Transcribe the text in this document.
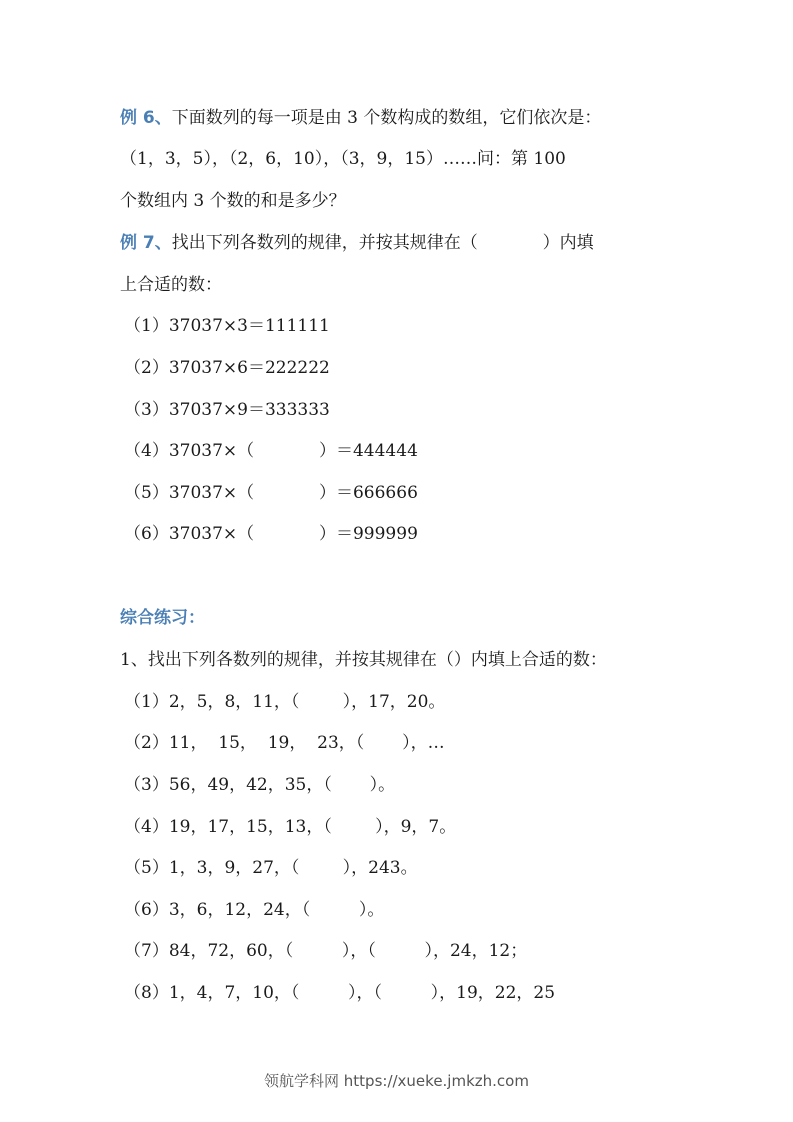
例 6、下面数列的每一项是由 3 个数构成的数组，它们依次是：
（1，3，5），（2，6，10），（3，9，15）……问：第 100
个数组内 3 个数的和是多少？
例 7、找出下列各数列的规律，并按其规律在（            ）内填
上合适的数：
（1）37037×3＝111111
（2）37037×6＝222222
（3）37037×9＝333333
（4）37037×（            ）＝444444
（5）37037×（            ）＝666666
（6）37037×（            ）＝999999
综合练习：
1、找出下列各数列的规律，并按其规律在（）内填上合适的数：
（1）2，5，8，11，（        ），17，20。
（2）11，  15，  19，  23，（       ），…
（3）56，49，42，35，（       ）。
（4）19，17，15，13，（        ），9，7。
（5）1，3，9，27，（        ），243。
（6）3，6，12，24，（         ）。
（7）84，72，60，（         ），（         ），24，12；
（8）1，4，7，10，（         ），（         ），19，22，25
领航学科网 https://xueke.jmkzh.com
